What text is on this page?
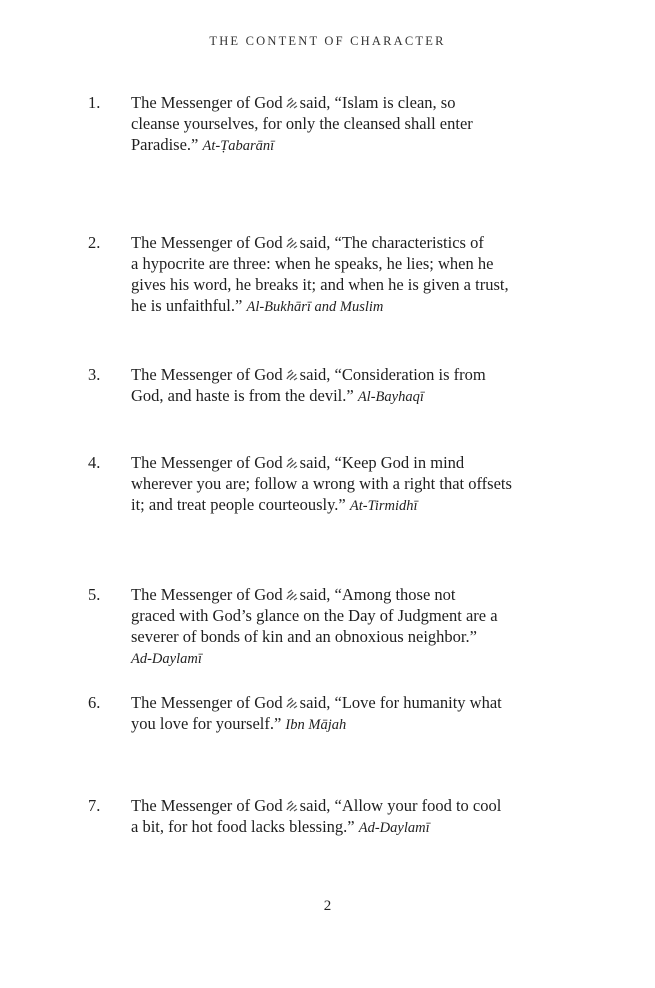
THE CONTENT OF CHARACTER
1.	The Messenger of God said, “Islam is clean, so
cleanse yourselves, for only the cleansed shall enter
Paradise.” At-Ṭabarānī
2.	The Messenger of God said, “The characteristics of
a hypocrite are three: when he speaks, he lies; when he
gives his word, he breaks it; and when he is given a trust,
he is unfaithful.” Al-Bukhārī and Muslim
3.	The Messenger of God said, “Consideration is from
God, and haste is from the devil.” Al-Bayhaqī
4.	The Messenger of God said, “Keep God in mind
wherever you are; follow a wrong with a right that offsets
it; and treat people courteously.” At-Tirmidhī
5.	The Messenger of God said, “Among those not
graced with God’s glance on the Day of Judgment are a
severer of bonds of kin and an obnoxious neighbor.”
Ad-Daylamī
6.	The Messenger of God said, “Love for humanity what
you love for yourself.” Ibn Mājah
7.	The Messenger of God said, “Allow your food to cool
a bit, for hot food lacks blessing.” Ad-Daylamī
2
